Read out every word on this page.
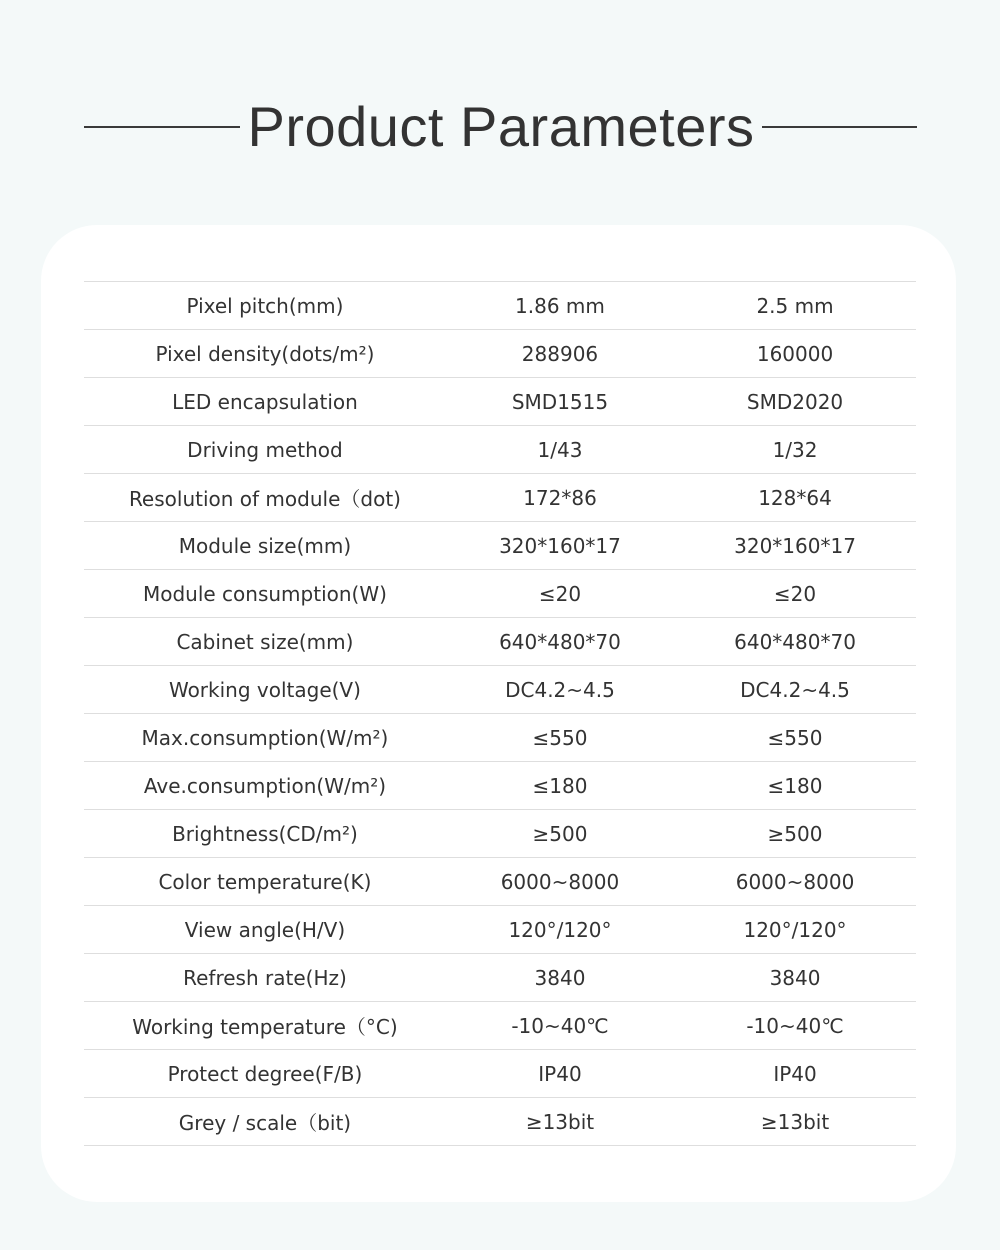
Product Parameters
Pixel pitch(mm)	1.86 mm	2.5 mm
Pixel density(dots/m²)	288906	160000
LED encapsulation	SMD1515	SMD2020
Driving method	1/43	1/32
Resolution of module（dot)	172*86	128*64
Module size(mm)	320*160*17	320*160*17
Module consumption(W)	≤20	≤20
Cabinet size(mm)	640*480*70	640*480*70
Working voltage(V)	DC4.2~4.5	DC4.2~4.5
Max.consumption(W/m²)	≤550	≤550
Ave.consumption(W/m²)	≤180	≤180
Brightness(CD/m²)	≥500	≥500
Color temperature(K)	6000~8000	6000~8000
View angle(H/V)	120°/120°	120°/120°
Refresh rate(Hz)	3840	3840
Working temperature（°C)	-10~40℃	-10~40℃
Protect degree(F/B)	IP40	IP40
Grey / scale（bit)	≥13bit	≥13bit
